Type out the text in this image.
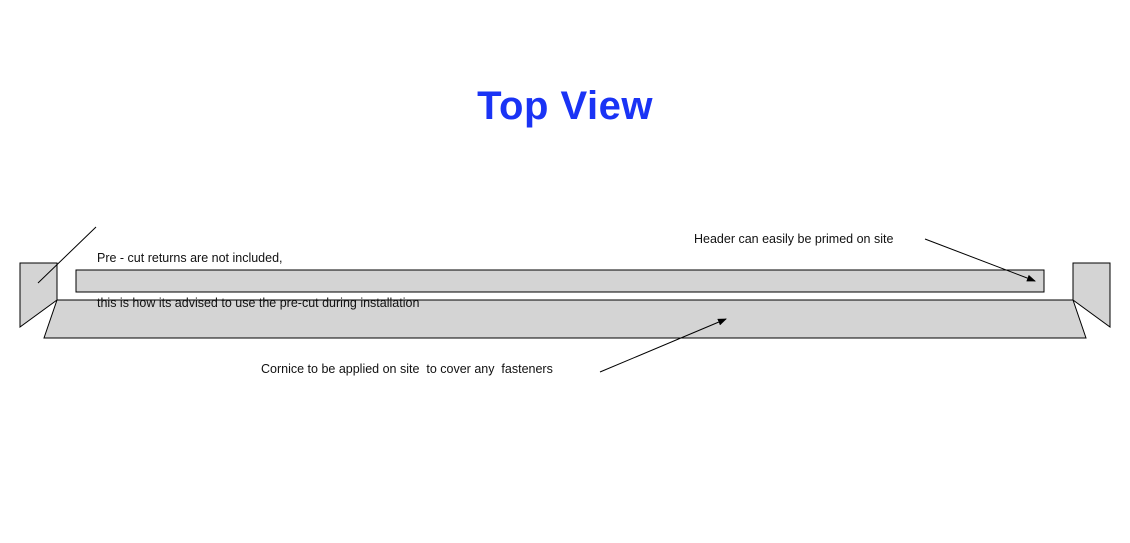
Top View

Pre - cut returns are not included,

this is how its advised to use the pre-cut during installation

Header can easily be primed on site
Cornice to be applied on site  to cover any  fasteners
